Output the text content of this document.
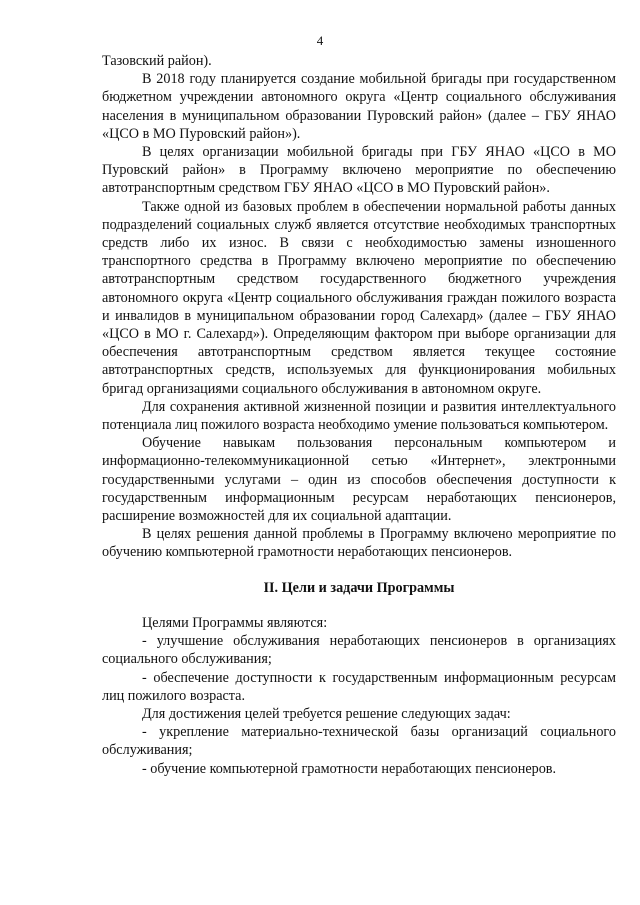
4

Тазовский район).

В 2018 году планируется создание мобильной бригады при государственном бюджетном учреждении автономного округа «Центр социального обслуживания населения в муниципальном образовании Пуровский район» (далее – ГБУ ЯНАО «ЦСО в МО Пуровский район»).

В целях организации мобильной бригады при ГБУ ЯНАО «ЦСО в МО Пуровский район» в Программу включено мероприятие по обеспечению автотранспортным средством ГБУ ЯНАО «ЦСО в МО Пуровский район».

Также одной из базовых проблем в обеспечении нормальной работы данных подразделений социальных служб является отсутствие необходимых транспортных средств либо их износ. В связи с необходимостью замены изношенного транспортного средства в Программу включено мероприятие по обеспечению автотранспортным средством государственного бюджетного учреждения автономного округа «Центр социального обслуживания граждан пожилого возраста и инвалидов в муниципальном образовании город Салехард» (далее – ГБУ ЯНАО «ЦСО в МО г. Салехард»). Определяющим фактором при выборе организации для обеспечения автотранспортным средством является текущее состояние автотранспортных средств, используемых для функционирования мобильных бригад организациями социального обслуживания в автономном округе.

Для сохранения активной жизненной позиции и развития интеллектуального потенциала лиц пожилого возраста необходимо умение пользоваться компьютером.

Обучение навыкам пользования персональным компьютером и информационно-телекоммуникационной сетью «Интернет», электронными государственными услугами – один из способов обеспечения доступности к государственным информационным ресурсам неработающих пенсионеров, расширение возможностей для их социальной адаптации.

В целях решения данной проблемы в Программу включено мероприятие по обучению компьютерной грамотности неработающих пенсионеров.

II. Цели и задачи Программы

Целями Программы являются:

- улучшение обслуживания неработающих пенсионеров в организациях социального обслуживания;

- обеспечение доступности к государственным информационным ресурсам лиц пожилого возраста.

Для достижения целей требуется решение следующих задач:

- укрепление материально-технической базы организаций социального обслуживания;

- обучение компьютерной грамотности неработающих пенсионеров.
